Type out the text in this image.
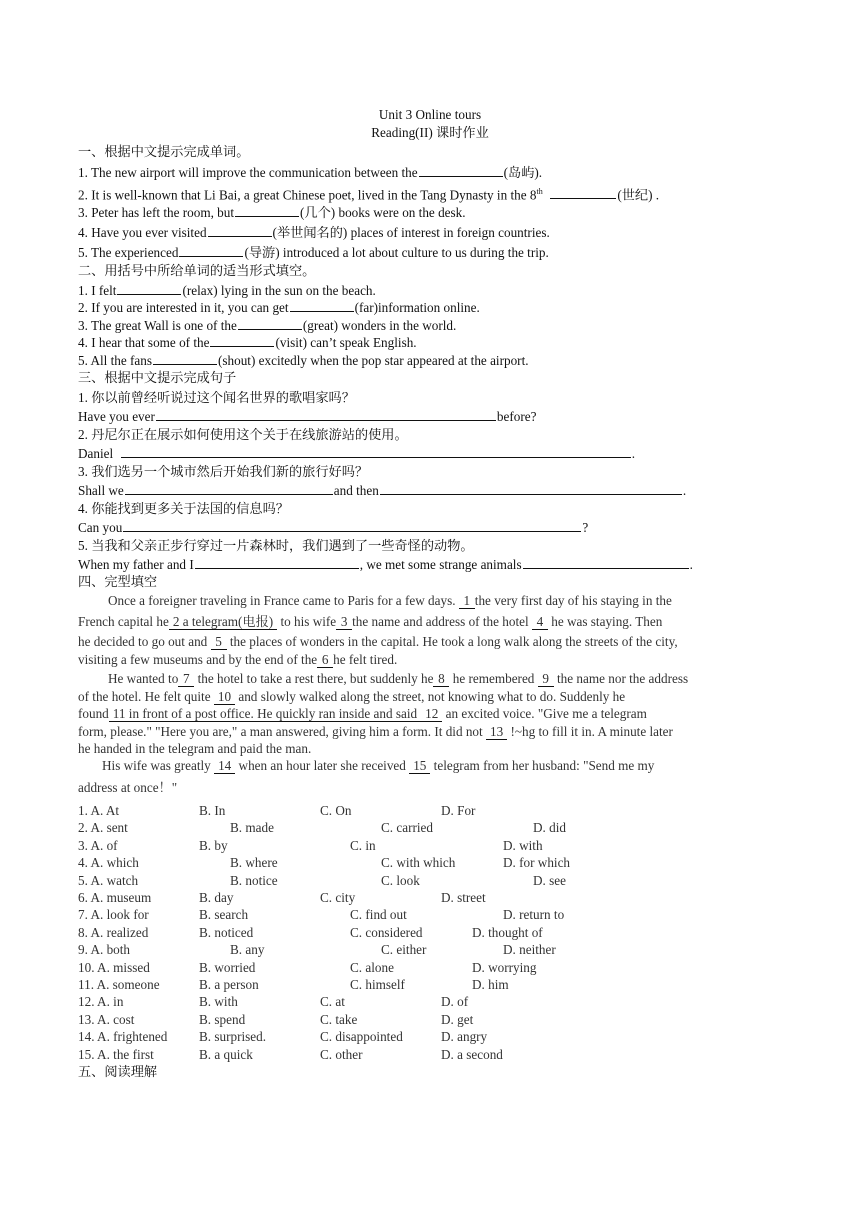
Unit 3 Online tours
Reading(II) 课时作业
一、根据中文提示完成单词。
1. The new airport will improve the communication between the	(岛屿).
2. It is well-known that Li Bai, a great Chinese poet, lived in the Tang Dynasty in the 8th	(世纪) .
3. Peter has left the room, but	(几个) books were on the desk.
4. Have you ever visited	(举世闻名的) places of interest in foreign countries.
5. The experienced	(导游) introduced a lot about culture to us during the trip.
二、用括号中所给单词的适当形式填空。
1. I felt	(relax) lying in the sun on the beach.
2. If you are interested in it, you can get	(far)information online.
3. The great Wall is one of the	(great) wonders in the world.
4. I hear that some of the	(visit) can’t speak English.
5. All the fans	(shout) excitedly when the pop star appeared at the airport.
三、根据中文提示完成句子
1. 你以前曾经听说过这个闻名世界的歌唱家吗？
Have you ever	before?
2. 丹尼尔正在展示如何使用这个关于在线旅游站的使用。
Daniel	.
3. 我们选另一个城市然后开始我们新的旅行好吗？
Shall we	and then	.
4. 你能找到更多关于法国的信息吗？
Can you	?
5. 当我和父亲正步行穿过一片森林时，我们遇到了一些奇怪的动物。
When my father and I	, we met some strange animals	.
四、完型填空
Once a foreigner traveling in France came to Paris for a few days. 1 the very first day of his staying in the
French capital he 2 a telegram(电报) to his wife 3 the name and address of the hotel 4 he was staying. Then
he decided to go out and 5 the places of wonders in the capital. He took a long walk along the streets of the city,
visiting a few museums and by the end of the 6 he felt tired.
He wanted to 7 the hotel to take a rest there, but suddenly he 8 he remembered 9 the name nor the address
of the hotel. He felt quite 10 and slowly walked along the street, not knowing what to do. Suddenly he
found 11 in front of a post office. He quickly ran inside and said 12 an excited voice. "Give me a telegram
form, please." "Here you are," a man answered, giving him a form. It did not 13 !~hg to fill it in. A minute later
he handed in the telegram and paid the man.
His wife was greatly 14 when an hour later she received 15 telegram from her husband: "Send me my
address at once！"
1. A. At	B. In	C. On	D. For
2. A. sent	B. made	C. carried	D. did
3. A. of	B. by	C. in	D. with
4. A. which	B. where	C. with which	D. for which
5. A. watch	B. notice	C. look	D. see
6. A. museum	B. day	C. city	D. street
7. A. look for	B. search	C. find out	D. return to
8. A. realized	B. noticed	C. considered	D. thought of
9. A. both	B. any	C. either	D. neither
10. A. missed	B. worried	C. alone	D. worrying
11. A. someone	B. a person	C. himself	D. him
12. A. in	B. with	C. at	D. of
13. A. cost	B. spend	C. take	D. get
14. A. frightened B. surprised.	C. disappointed	D. angry
15. A. the first	B. a quick	C. other	D. a second
五、阅读理解
